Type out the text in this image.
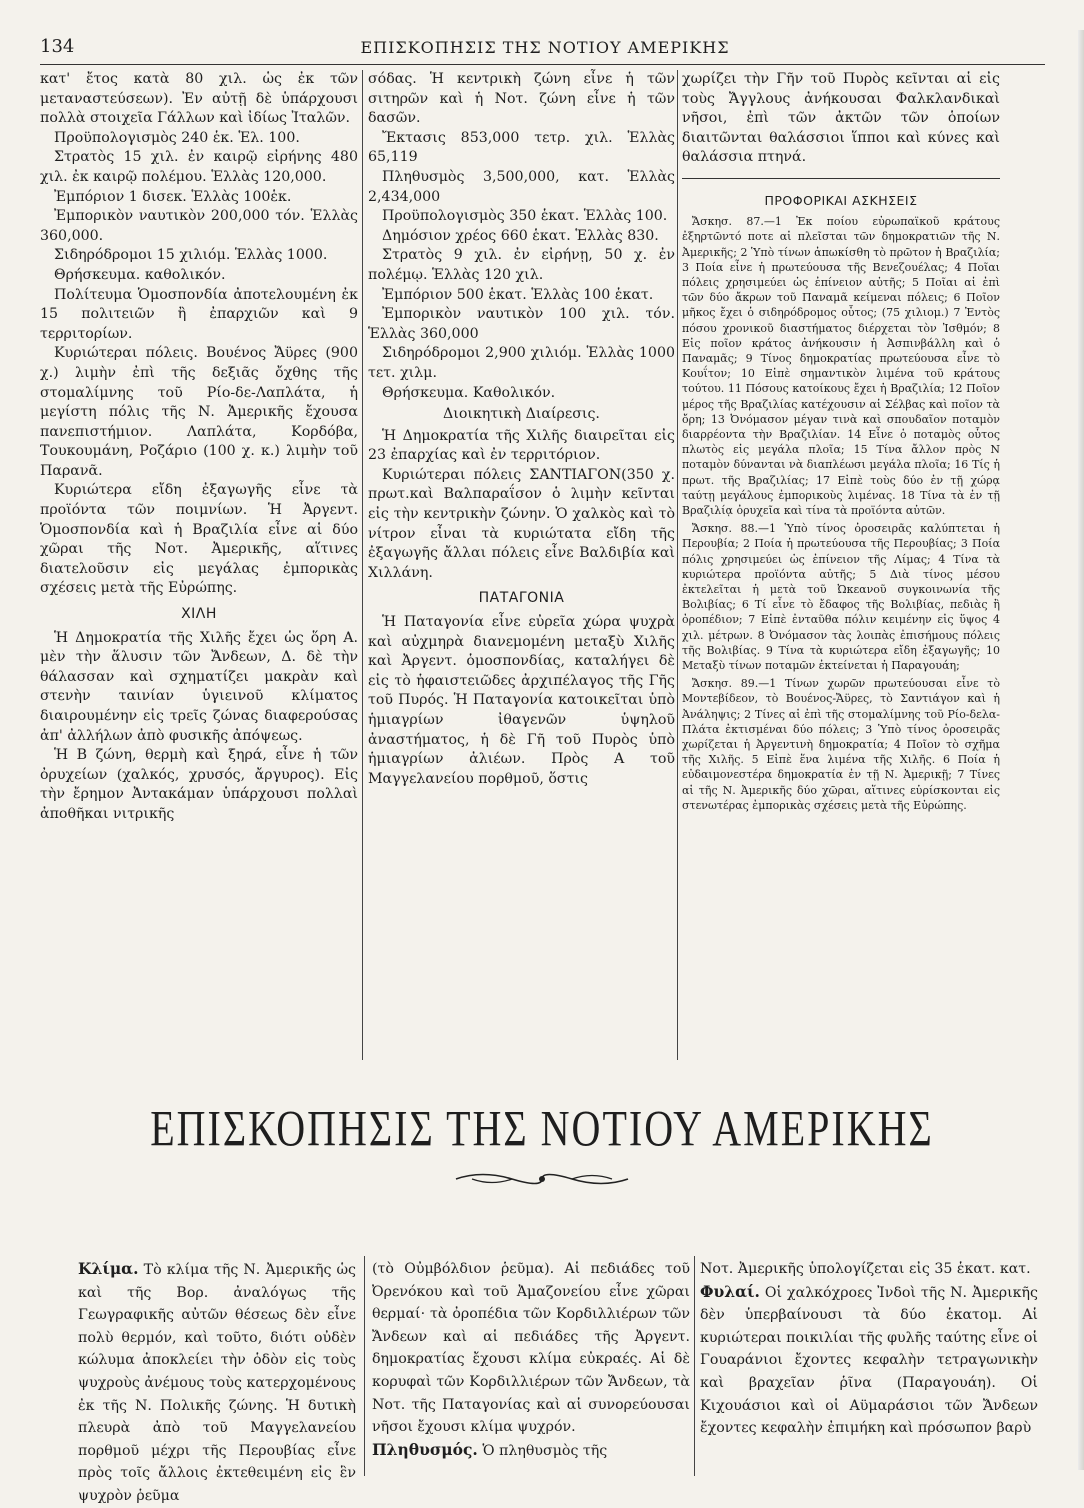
134	ΕΠΙΣΚΟΠΗΣΙΣ ΤΗΣ ΝΟΤΙΟΥ ΑΜΕΡΙΚΗΣ

κατ' ἔτος κατὰ 80 χιλ. ὡς ἐκ τῶν μεταναστεύσεων). Ἐν αὐτῇ δὲ ὑπάρχουσι πολλὰ στοιχεῖα Γάλλων καὶ ἰδίως Ἰταλῶν.

Προϋπολογισμὸς 240 ἑκ. Ἑλ. 100.

Στρατὸς 15 χιλ. ἐν καιρῷ εἰρήνης 480 χιλ. ἐκ καιρῷ πολέμου. Ἑλλὰς 120,000.

Ἐμπόριον 1 δισεκ. Ἑλλὰς 100ἑκ.

Ἐμπορικὸν ναυτικὸν 200,000 τόν. Ἑλλὰς 360,000.

Σιδηρόδρομοι 15 χιλιόμ. Ἑλλὰς 1000.

Θρήσκευμα. καθολικόν.

Πολίτευμα Ὁμοσπονδία ἀποτελουμένη ἐκ 15 πολιτειῶν ἢ ἐπαρχιῶν καὶ 9 τερριτορίων.

Κυριώτεραι πόλεις. Βουένος Ἄϋρες (900 χ.) λιμὴν ἐπὶ τῆς δεξιᾶς ὄχθης τῆς στομαλίμνης τοῦ Ρίο-δε-Λαπλάτα, ἡ μεγίστη πόλις τῆς Ν. Ἀμερικῆς ἔχουσα πανεπιστήμιον. Λαπλάτα, Κορδόβα, Τουκουμάνη, Ροζάριο (100 χ. κ.) λιμὴν τοῦ Παρανᾶ.

Κυριώτερα εἴδη ἐξαγωγῆς εἶνε τὰ προϊόντα τῶν ποιμνίων. Ἡ Ἀργεντ. Ὁμοσπονδία καὶ ἡ Βραζιλία εἶνε αἱ δύο χῶραι τῆς Νοτ. Ἀμερικῆς, αἵτινες διατελοῦσιν εἰς μεγάλας ἐμπορικὰς σχέσεις μετὰ τῆς Εὐρώπης.

ΧΙΛΗ

Ἡ Δημοκρατία τῆς Χιλῆς ἔχει ὡς ὅρη Α. μὲν τὴν ἅλυσιν τῶν Ἄνδεων, Δ. δὲ τὴν θάλασσαν καὶ σχηματίζει μακρὰν καὶ στενὴν ταινίαν ὑγιεινοῦ κλίματος διαιρουμένην εἰς τρεῖς ζώνας διαφερούσας ἀπ' ἀλλήλων ἀπὸ φυσικῆς ἀπόψεως.

Ἡ Β ζώνη, θερμὴ καὶ ξηρά, εἶνε ἡ τῶν ὀρυχείων (χαλκός, χρυσός, ἄργυρος). Εἰς τὴν ἔρημον Ἀντακάμαν ὑπάρχουσι πολλαὶ ἀποθῆκαι νιτρικῆς

σόδας. Ἡ κεντρικὴ ζώνη εἶνε ἡ τῶν σιτηρῶν καὶ ἡ Νοτ. ζώνη εἶνε ἡ τῶν δασῶν.

Ἔκτασις 853,000 τετρ. χιλ. Ἑλλὰς 65,119

Πληθυσμὸς 3,500,000, κατ. Ἑλλὰς 2,434,000

Προϋπολογισμὸς 350 ἑκατ. Ἑλλὰς 100.

Δημόσιον χρέος 660 ἑκατ. Ἑλλὰς 830.

Στρατὸς 9 χιλ. ἐν εἰρήνῃ, 50 χ. ἐν πολέμῳ. Ἑλλὰς 120 χιλ.

Ἐμπόριον 500 ἑκατ. Ἑλλὰς 100 ἑκατ.

Ἐμπορικὸν ναυτικὸν 100 χιλ. τόν. Ἑλλὰς 360,000

Σιδηρόδρομοι 2,900 χιλιόμ. Ἑλλὰς 1000 τετ. χιλμ.

Θρήσκευμα. Καθολικόν.

Διοικητικὴ Διαίρεσις.

Ἡ Δημοκρατία τῆς Χιλῆς διαιρεῖται εἰς 23 ἐπαρχίας καὶ ἐν τερριτόριον.

Κυριώτεραι πόλεις ΣΑΝΤΙΑΓΟΝ(350 χ. πρωτ.καὶ Βαλπαραΐσον ὁ λιμὴν κεῖνται εἰς τὴν κεντρικὴν ζώνην. Ὁ χαλκὸς καὶ τὸ νίτρον εἶναι τὰ κυριώτατα εἴδη τῆς ἐξαγωγῆς ἄλλαι πόλεις εἶνε Βαλδιβία καὶ Χιλλάνη.

ΠΑΤΑΓΟΝΙΑ

Ἡ Παταγονία εἶνε εὐρεῖα χώρα ψυχρὰ καὶ αὐχμηρὰ διανεμομένη μεταξὺ Χιλῆς καὶ Ἀργεντ. ὁμοσπονδίας, καταλήγει δὲ εἰς τὸ ἡφαιστειῶδες ἀρχιπέλαγος τῆς Γῆς τοῦ Πυρός. Ἡ Παταγονία κατοικεῖται ὑπὸ ἡμιαγρίων ἰθαγενῶν ὑψηλοῦ ἀναστήματος, ἡ δὲ Γῆ τοῦ Πυρὸς ὑπὸ ἡμιαγρίων ἀλιέων. Πρὸς Α τοῦ Μαγγελανείου πορθμοῦ, ὅστις

χωρίζει τὴν Γῆν τοῦ Πυρὸς κεῖνται αἱ εἰς τοὺς Ἄγγλους ἀνήκουσαι Φαλκλανδικαὶ νῆσοι, ἐπὶ τῶν ἀκτῶν τῶν ὁποίων διαιτῶνται θαλάσσιοι ἵπποι καὶ κύνες καὶ θαλάσσια πτηνά.

ΠΡΟΦΟΡΙΚΑΙ ΑΣΚΗΣΕΙΣ

Ἄσκησ. 87.—1 Ἐκ ποίου εὐρωπαϊκοῦ κράτους ἐξηρτῶντό ποτε αἱ πλεῖσται τῶν δημοκρατιῶν τῆς Ν. Ἀμερικῆς; 2 Ὑπὸ τίνων ἀπωκίσθη τὸ πρῶτον ἡ Βραζιλία; 3 Ποία εἶνε ἡ πρωτεύουσα τῆς Βενεζουέλας; 4 Ποῖαι πόλεις χρησιμεύει ὡς ἐπίνειον αὐτῆς; 5 Ποῖαι αἱ ἐπὶ τῶν δύο ἄκρων τοῦ Παναμᾶ κείμεναι πόλεις; 6 Ποῖον μῆκος ἔχει ὁ σιδηρόδρομος οὗτος; (75 χιλιομ.) 7 Ἐντὸς πόσου χρονικοῦ διαστήματος διέρχεται τὸν Ἰσθμόν; 8 Εἰς ποῖον κράτος ἀνήκουσιν ἡ Ἀσπινβάλλη καὶ ὁ Παναμᾶς; 9 Τίνος δημοκρατίας πρωτεύουσα εἶνε τὸ Κουΐτον; 10 Εἰπὲ σημαντικὸν λιμένα τοῦ κράτους τούτου. 11 Πόσους κατοίκους ἔχει ἡ Βραζιλία; 12 Ποῖον μέρος τῆς Βραζιλίας κατέχουσιν αἱ Σέλβας καὶ ποῖον τὰ ὄρη; 13 Ὀνόμασον μέγαν τινὰ καὶ σπουδαῖον ποταμὸν διαρρέοντα τὴν Βραζιλίαν. 14 Εἶνε ὁ ποταμὸς οὗτος πλωτὸς εἰς μεγάλα πλοῖα; 15 Τίνα ἄλλον πρὸς Ν ποταμὸν δύνανται νὰ διαπλέωσι μεγάλα πλοῖα; 16 Τίς ἡ πρωτ. τῆς Βραζιλίας; 17 Εἰπὲ τοὺς δύο ἐν τῇ χώρᾳ ταύτῃ μεγάλους ἐμπορικοὺς λιμένας. 18 Τίνα τὰ ἐν τῇ Βραζιλίᾳ ὀρυχεῖα καὶ τίνα τὰ προϊόντα αὐτῶν.

Ἄσκησ. 88.—1 Ὑπὸ τίνος ὀροσειρᾶς καλύπτεται ἡ Περουβία; 2 Ποία ἡ πρωτεύουσα τῆς Περουβίας; 3 Ποία πόλις χρησιμεύει ὡς ἐπίνειον τῆς Λίμας; 4 Τίνα τὰ κυριώτερα προϊόντα αὐτῆς; 5 Διὰ τίνος μέσου ἐκτελεῖται ἡ μετὰ τοῦ Ὠκεανοῦ συγκοινωνία τῆς Βολιβίας; 6 Τί εἶνε τὸ ἔδαφος τῆς Βολιβίας, πεδιὰς ἢ ὀροπέδιον; 7 Εἰπὲ ἐνταῦθα πόλιν κειμένην εἰς ὕψος 4 χιλ. μέτρων. 8 Ὀνόμασον τὰς λοιπὰς ἐπισήμους πόλεις τῆς Βολιβίας. 9 Τίνα τὰ κυριώτερα εἴδη ἐξαγωγῆς; 10 Μεταξὺ τίνων ποταμῶν ἐκτείνεται ἡ Παραγουάη;

Ἄσκησ. 89.—1 Τίνων χωρῶν πρωτεύουσαι εἶνε τὸ Μοντεβίδεον, τὸ Βουένος-Ἄϋρες, τὸ Σαντιάγον καὶ ἡ Ἀνάληψις; 2 Τίνες αἱ ἐπὶ τῆς στομαλίμνης τοῦ Ρίο-δελα-Πλάτα ἐκτισμέναι δύο πόλεις; 3 Ὑπὸ τίνος ὀροσειρᾶς χωρίζεται ἡ Ἀργεντινὴ δημοκρατία; 4 Ποῖον τὸ σχῆμα τῆς Χιλῆς. 5 Εἰπὲ ἕνα λιμένα τῆς Χιλῆς. 6 Ποία ἡ εὐδαιμονεστέρα δημοκρατία ἐν τῇ Ν. Ἀμερικῇ; 7 Τίνες αἱ τῆς Ν. Ἀμερικῆς δύο χῶραι, αἵτινες εὑρίσκονται εἰς στενωτέρας ἐμπορικὰς σχέσεις μετὰ τῆς Εὐρώπης.

ΕΠΙΣΚΟΠΗΣΙΣ ΤΗΣ ΝΟΤΙΟΥ ΑΜΕΡΙΚΗΣ

Κλίμα. Τὸ κλίμα τῆς Ν. Ἀμερικῆς ὡς καὶ τῆς Βορ. ἀναλόγως τῆς Γεωγραφικῆς αὐτῶν θέσεως δὲν εἶνε πολὺ θερμόν, καὶ τοῦτο, διότι οὐδὲν κώλυμα ἀποκλείει τὴν ὁδὸν εἰς τοὺς ψυχροὺς ἀνέμους τοὺς κατερχομένους ἐκ τῆς Ν. Πολικῆς ζώνης. Ἡ δυτικὴ πλευρὰ ἀπὸ τοῦ Μαγγελανείου πορθμοῦ μέχρι τῆς Περουβίας εἶνε πρὸς τοῖς ἄλλοις ἐκτεθειμένη εἰς ἓν ψυχρὸν ῥεῦμα

(τὸ Οὐμβόλδιον ῥεῦμα). Αἱ πεδιάδες τοῦ Ὀρενόκου καὶ τοῦ Ἀμαζονείου εἶνε χῶραι θερμαί· τὰ ὀροπέδια τῶν Κορδιλλιέρων τῶν Ἄνδεων καὶ αἱ πεδιάδες τῆς Ἀργεντ. δημοκρατίας ἔχουσι κλίμα εὐκραές. Αἱ δὲ κορυφαὶ τῶν Κορδιλλιέρων τῶν Ἄνδεων, τὰ Νοτ. τῆς Παταγονίας καὶ αἱ συνορεύουσαι νῆσοι ἔχουσι κλίμα ψυχρόν.

Πληθυσμός. Ὁ πληθυσμὸς τῆς

Νοτ. Ἀμερικῆς ὑπολογίζεται εἰς 35 ἑκατ. κατ.

Φυλαί. Οἱ χαλκόχροες Ἰνδοὶ τῆς Ν. Ἀμερικῆς δὲν ὑπερβαίνουσι τὰ δύο ἑκατομ. Αἱ κυριώτεραι ποικιλίαι τῆς φυλῆς ταύτης εἶνε οἱ Γουαράνιοι ἔχοντες κεφαλὴν τετραγωνικὴν καὶ βραχεῖαν ῥῖνα (Παραγουάη). Οἱ Κιχουάσιοι καὶ οἱ Αϋμαράσιοι τῶν Ἄνδεων ἔχοντες κεφαλὴν ἐπιμήκη καὶ πρόσωπον βαρὺ
